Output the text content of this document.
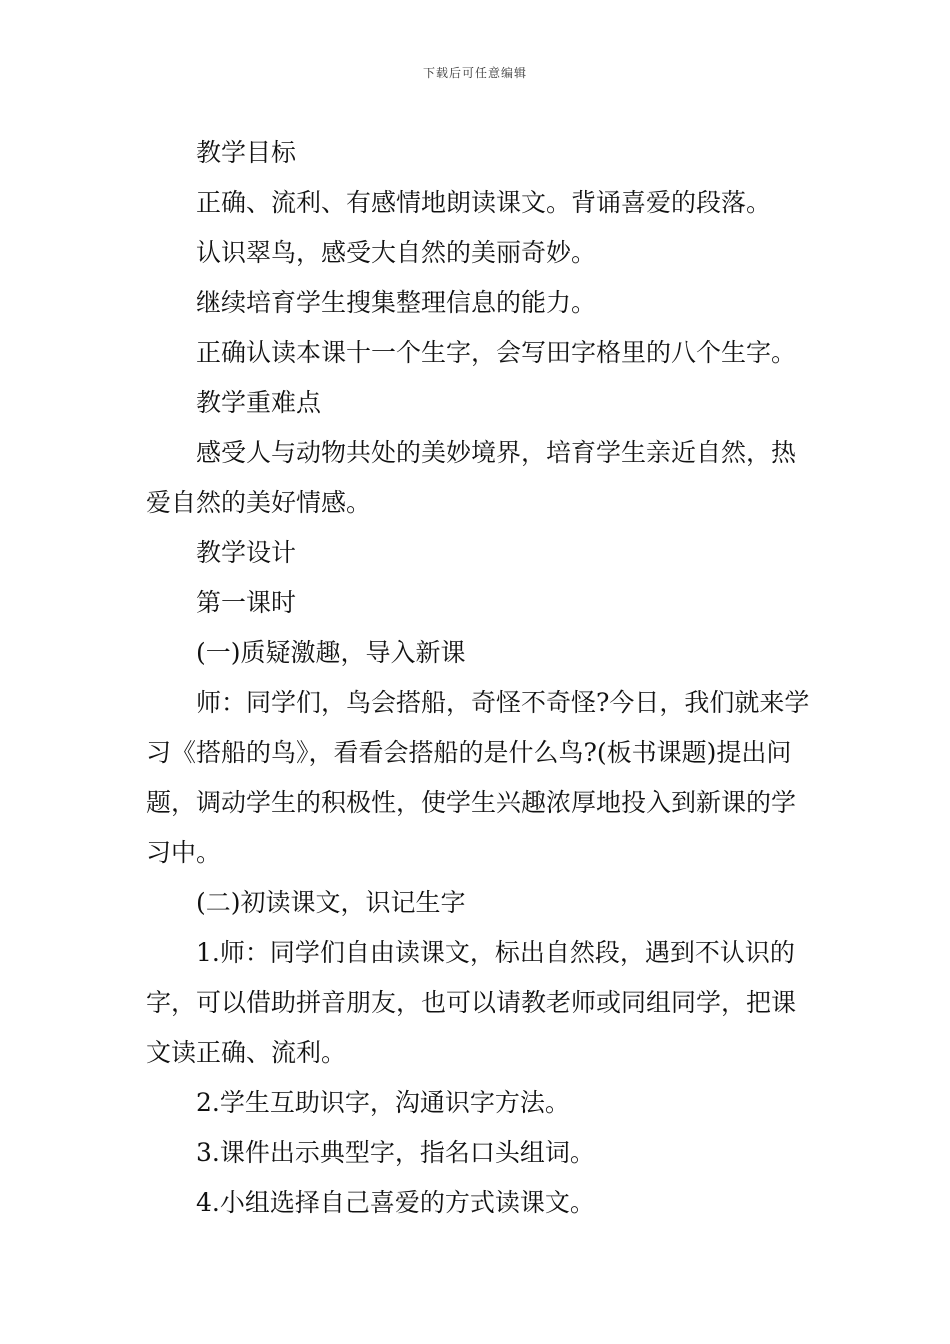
下载后可任意编辑

教学目标

正确、流利、有感情地朗读课文。背诵喜爱的段落。

认识翠鸟，感受大自然的美丽奇妙。

继续培育学生搜集整理信息的能力。

正确认读本课十一个生字，会写田字格里的八个生字。

教学重难点

感受人与动物共处的美妙境界，培育学生亲近自然，热爱自然的美好情感。

教学设计

第一课时

(一)质疑激趣，导入新课

师：同学们，鸟会搭船，奇怪不奇怪?今日，我们就来学习《搭船的鸟》，看看会搭船的是什么鸟?(板书课题)提出问题，调动学生的积极性，使学生兴趣浓厚地投入到新课的学习中。

(二)初读课文，识记生字

1.师：同学们自由读课文，标出自然段，遇到不认识的字，可以借助拼音朋友，也可以请教老师或同组同学，把课文读正确、流利。

2.学生互助识字，沟通识字方法。

3.课件出示典型字，指名口头组词。

4.小组选择自己喜爱的方式读课文。
